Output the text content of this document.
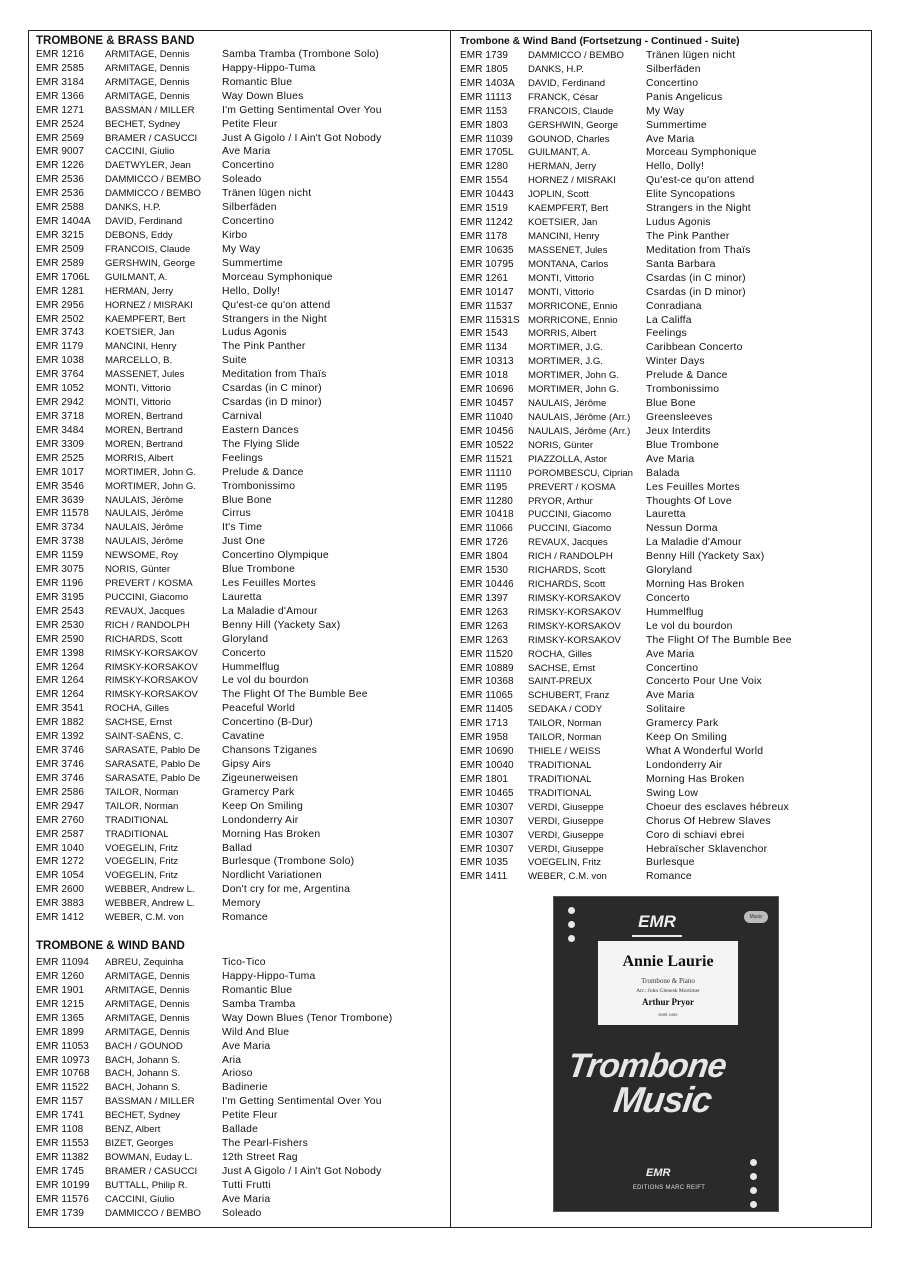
TROMBONE & BRASS BAND
EMR 1216	ARMITAGE, Dennis	Samba Tramba (Trombone Solo)
EMR 2585	ARMITAGE, Dennis	Happy-Hippo-Tuma
EMR 3184	ARMITAGE, Dennis	Romantic Blue
EMR 1366	ARMITAGE, Dennis	Way Down Blues
EMR 1271	BASSMAN / MILLER	I'm Getting Sentimental Over You
EMR 2524	BECHET, Sydney	Petite Fleur
EMR 2569	BRAMER / CASUCCI	Just A Gigolo / I Ain't Got Nobody
EMR 9007	CACCINI, Giulio	Ave Maria
EMR 1226	DAETWYLER, Jean	Concertino
EMR 2536	DAMMICCO / BEMBO	Soleado
EMR 2536	DAMMICCO / BEMBO	Tränen lügen nicht
EMR 2588	DANKS, H.P.	Silberfäden
EMR 1404A	DAVID, Ferdinand	Concertino
EMR 3215	DEBONS, Eddy	Kirbo
EMR 2509	FRANCOIS, Claude	My Way
EMR 2589	GERSHWIN, George	Summertime
EMR 1706L	GUILMANT, A.	Morceau Symphonique
EMR 1281	HERMAN, Jerry	Hello, Dolly!
EMR 2956	HORNEZ / MISRAKI	Qu'est-ce qu'on attend
EMR 2502	KAEMPFERT, Bert	Strangers in the Night
EMR 3743	KOETSIER, Jan	Ludus Agonis
EMR 1179	MANCINI, Henry	The Pink Panther
EMR 1038	MARCELLO, B.	Suite
EMR 3764	MASSENET, Jules	Meditation from Thaïs
EMR 1052	MONTI, Vittorio	Csardas (in C minor)
EMR 2942	MONTI, Vittorio	Csardas (in D minor)
EMR 3718	MOREN, Bertrand	Carnival
EMR 3484	MOREN, Bertrand	Eastern Dances
EMR 3309	MOREN, Bertrand	The Flying Slide
EMR 2525	MORRIS, Albert	Feelings
EMR 1017	MORTIMER, John G.	Prelude & Dance
EMR 3546	MORTIMER, John G.	Trombonissimo
EMR 3639	NAULAIS, Jérôme	Blue Bone
EMR 11578	NAULAIS, Jérôme	Cirrus
EMR 3734	NAULAIS, Jérôme	It's Time
EMR 3738	NAULAIS, Jérôme	Just One
EMR 1159	NEWSOME, Roy	Concertino Olympique
EMR 3075	NORIS, Günter	Blue Trombone
EMR 1196	PREVERT / KOSMA	Les Feuilles Mortes
EMR 3195	PUCCINI, Giacomo	Lauretta
EMR 2543	REVAUX, Jacques	La Maladie d'Amour
EMR 2530	RICH / RANDOLPH	Benny Hill (Yackety Sax)
EMR 2590	RICHARDS, Scott	Gloryland
EMR 1398	RIMSKY-KORSAKOV	Concerto
EMR 1264	RIMSKY-KORSAKOV	Hummelflug
EMR 1264	RIMSKY-KORSAKOV	Le vol du bourdon
EMR 1264	RIMSKY-KORSAKOV	The Flight Of The Bumble Bee
EMR 3541	ROCHA, Gilles	Peaceful World
EMR 1882	SACHSE, Ernst	Concertino (B-Dur)
EMR 1392	SAINT-SAËNS, C.	Cavatine
EMR 3746	SARASATE, Pablo De	Chansons Tziganes
EMR 3746	SARASATE, Pablo De	Gipsy Airs
EMR 3746	SARASATE, Pablo De	Zigeunerweisen
EMR 2586	TAILOR, Norman	Gramercy Park
EMR 2947	TAILOR, Norman	Keep On Smiling
EMR 2760	TRADITIONAL	Londonderry Air
EMR 2587	TRADITIONAL	Morning Has Broken
EMR 1040	VOEGELIN, Fritz	Ballad
EMR 1272	VOEGELIN, Fritz	Burlesque (Trombone Solo)
EMR 1054	VOEGELIN, Fritz	Nordlicht Variationen
EMR 2600	WEBBER, Andrew L.	Don't cry for me, Argentina
EMR 3883	WEBBER, Andrew L.	Memory
EMR 1412	WEBER, C.M. von	Romance
TROMBONE & WIND BAND
EMR 11094	ABREU, Zequinha	Tico-Tico
EMR 1260	ARMITAGE, Dennis	Happy-Hippo-Tuma
EMR 1901	ARMITAGE, Dennis	Romantic Blue
EMR 1215	ARMITAGE, Dennis	Samba Tramba
EMR 1365	ARMITAGE, Dennis	Way Down Blues (Tenor Trombone)
EMR 1899	ARMITAGE, Dennis	Wild And Blue
EMR 11053	BACH / GOUNOD	Ave Maria
EMR 10973	BACH, Johann S.	Aria
EMR 10768	BACH, Johann S.	Arioso
EMR 11522	BACH, Johann S.	Badinerie
EMR 1157	BASSMAN / MILLER	I'm Getting Sentimental Over You
EMR 1741	BECHET, Sydney	Petite Fleur
EMR 1108	BENZ, Albert	Ballade
EMR 11553	BIZET, Georges	The Pearl-Fishers
EMR 11382	BOWMAN, Euday L.	12th Street Rag
EMR 1745	BRAMER / CASUCCI	Just A Gigolo / I Ain't Got Nobody
EMR 10199	BUTTALL, Philip R.	Tutti Frutti
EMR 11576	CACCINI, Giulio	Ave Maria
EMR 1739	DAMMICCO / BEMBO	Soleado
Trombone & Wind Band (Fortsetzung - Continued - Suite)
EMR 1739	DAMMICCO / BEMBO	Tränen lügen nicht
EMR 1805	DANKS, H.P.	Silberfäden
EMR 1403A	DAVID, Ferdinand	Concertino
EMR 11113	FRANCK, César	Panis Angelicus
EMR 1153	FRANCOIS, Claude	My Way
EMR 1803	GERSHWIN, George	Summertime
EMR 11039	GOUNOD, Charles	Ave Maria
EMR 1705L	GUILMANT, A.	Morceau Symphonique
EMR 1280	HERMAN, Jerry	Hello, Dolly!
EMR 1554	HORNEZ / MISRAKI	Qu'est-ce qu'on attend
EMR 10443	JOPLIN, Scott	Elite Syncopations
EMR 1519	KAEMPFERT, Bert	Strangers in the Night
EMR 11242	KOETSIER, Jan	Ludus Agonis
EMR 1178	MANCINI, Henry	The Pink Panther
EMR 10635	MASSENET, Jules	Meditation from Thaïs
EMR 10795	MONTANA, Carlos	Santa Barbara
EMR 1261	MONTI, Vittorio	Csardas (in C minor)
EMR 10147	MONTI, Vittorio	Csardas (in D minor)
EMR 11537	MORRICONE, Ennio	Conradiana
EMR 11531S MORRICONE, Ennio	La Califfa
EMR 1543	MORRIS, Albert	Feelings
EMR 1134	MORTIMER, J.G.	Caribbean Concerto
EMR 10313	MORTIMER, J.G.	Winter Days
EMR 1018	MORTIMER, John G.	Prelude & Dance
EMR 10696	MORTIMER, John G.	Trombonissimo
EMR 10457	NAULAIS, Jérôme	Blue Bone
EMR 11040	NAULAIS, Jérôme (Arr.)	Greensleeves
EMR 10456	NAULAIS, Jérôme (Arr.)	Jeux Interdits
EMR 10522	NORIS, Günter	Blue Trombone
EMR 11521	PIAZZOLLA, Astor	Ave Maria
EMR 11110	POROMBESCU, Ciprian	Balada
EMR 1195	PREVERT / KOSMA	Les Feuilles Mortes
EMR 11280	PRYOR, Arthur	Thoughts Of Love
EMR 10418	PUCCINI, Giacomo	Lauretta
EMR 11066	PUCCINI, Giacomo	Nessun Dorma
EMR 1726	REVAUX, Jacques	La Maladie d'Amour
EMR 1804	RICH / RANDOLPH	Benny Hill (Yackety Sax)
EMR 1530	RICHARDS, Scott	Gloryland
EMR 10446	RICHARDS, Scott	Morning Has Broken
EMR 1397	RIMSKY-KORSAKOV	Concerto
EMR 1263	RIMSKY-KORSAKOV	Hummelflug
EMR 1263	RIMSKY-KORSAKOV	Le vol du bourdon
EMR 1263	RIMSKY-KORSAKOV	The Flight Of The Bumble Bee
EMR 11520	ROCHA, Gilles	Ave Maria
EMR 10889	SACHSE, Ernst	Concertino
EMR 10368	SAINT-PREUX	Concerto Pour Une Voix
EMR 11065	SCHUBERT, Franz	Ave Maria
EMR 11405	SEDAKA / CODY	Solitaire
EMR 1713	TAILOR, Norman	Gramercy Park
EMR 1958	TAILOR, Norman	Keep On Smiling
EMR 10690	THIELE / WEISS	What A Wonderful World
EMR 10040	TRADITIONAL	Londonderry Air
EMR 1801	TRADITIONAL	Morning Has Broken
EMR 10465	TRADITIONAL	Swing Low
EMR 10307	VERDI, Giuseppe	Choeur des esclaves hébreux
EMR 10307	VERDI, Giuseppe	Chorus Of Hebrew Slaves
EMR 10307	VERDI, Giuseppe	Coro di schiavi ebrei
EMR 10307	VERDI, Giuseppe	Hebraïscher Sklavenchor
EMR 1035	VOEGELIN, Fritz	Burlesque
EMR 1411	WEBER, C.M. von	Romance
EMR	Music
Annie Laurie
Trombone & Piano
Arr.: John Glenesk Mortimer
Arthur Pryor
EMR 2499
Trombone
Music
EMR
EDITIONS MARC REIFT
